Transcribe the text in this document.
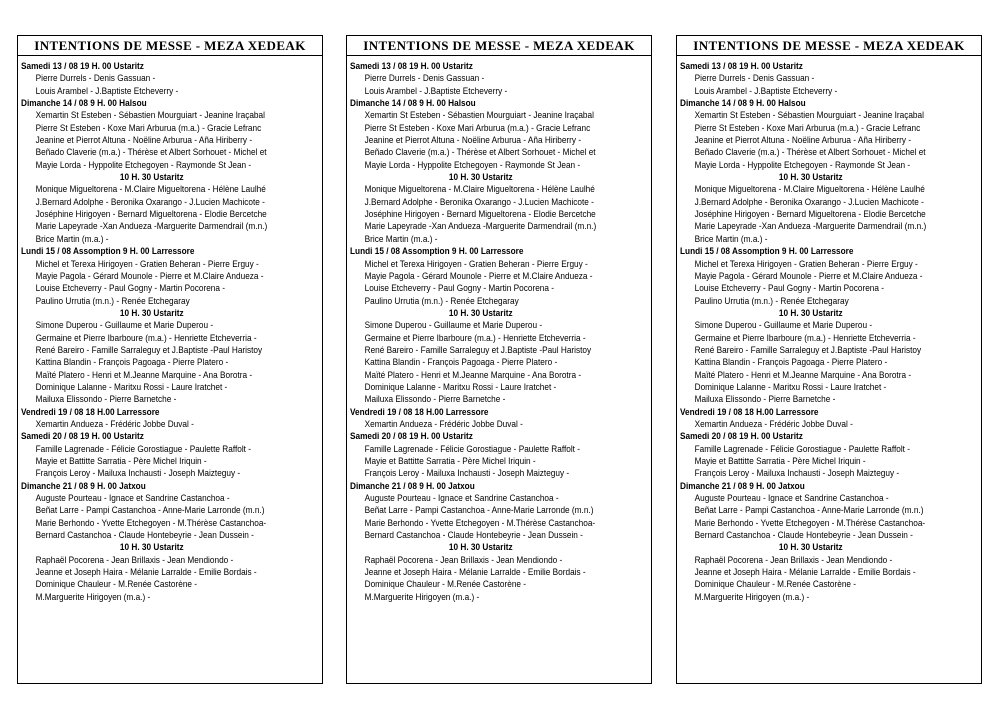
INTENTIONS DE MESSE - MEZA XEDEAK
Samedi 13 / 08 19 H. 00 Ustaritz
Pierre Durrels - Denis Gassuan -
Louis Arambel - J.Baptiste Etcheverry -
Dimanche 14 / 08 9 H. 00 Halsou
Xemartin St Esteben - Sébastien Mourguiart - Jeanine Iraçabal
Pierre St Esteben - Koxe Mari Arburua (m.a.) - Gracie Lefranc
Jeanine et Pierrot Altuna - Noëline Arburua - Aña Hiriberry -
Beñado Claverie (m.a.) - Thérèse et Albert Sorhouet - Michel et
Mayie Lorda - Hyppolite Etchegoyen - Raymonde St Jean -
10 H. 30 Ustaritz
Monique Migueltorena - M.Claire Migueltorena - Hélène Laulhé
J.Bernard Adolphe - Beronika Oxarango - J.Lucien Machicote -
Joséphine Hirigoyen - Bernard Migueltorena - Elodie Bercetche
Marie Lapeyrade -Xan Andueza -Marguerite Darmendrail (m.n.)
Brice Martin (m.a.) -
Lundi 15 / 08 Assomption 9 H. 00 Larressore
Michel et Terexa Hirigoyen - Gratien Beheran - Pierre Erguy -
Mayie Pagola - Gérard Mounole - Pierre et M.Claire Andueza -
Louise Etcheverry - Paul Gogny - Martin Pocorena -
Paulino Urrutia (m.n.) - Renée Etchegaray
10 H. 30 Ustaritz
Simone Duperou - Guillaume et Marie Duperou -
Germaine et Pierre Ibarboure (m.a.) - Henriette Etcheverria -
René Bareiro - Famille Sarraleguy et J.Baptiste -Paul Haristoy
Kattina Blandin - François Pagoaga - Pierre Platero -
Maïté Platero - Henri et M.Jeanne Marquine - Ana Borotra -
Dominique Lalanne - Maritxu Rossi - Laure Iratchet -
Mailuxa Elissondo - Pierre Barnetche -
Vendredi 19 / 08 18 H.00 Larressore
Xemartin Andueza - Frédéric Jobbe Duval -
Samedi 20 / 08 19 H. 00 Ustaritz
Famille Lagrenade - Félicie Gorostiague - Paulette Raffolt -
Mayie et Battitte Sarratia - Père Michel Iriquin -
François Leroy - Mailuxa Inchausti - Joseph Maizteguy -
Dimanche 21 / 08 9 H. 00 Jatxou
Auguste Pourteau - Ignace et Sandrine Castanchoa -
Beñat Larre - Pampi Castanchoa - Anne-Marie Larronde (m.n.)
Marie Berhondo - Yvette Etchegoyen - M.Thérèse Castanchoa-
Bernard Castanchoa - Claude Hontebeyrie - Jean Dussein -
10 H. 30 Ustaritz
Raphaël Pocorena - Jean Brillaxis - Jean Mendiondo -
Jeanne et Joseph Haira - Mélanie Larralde - Emilie Bordais -
Dominique Chauleur - M.Renée Castorène -
M.Marguerite Hirigoyen (m.a.) -
INTENTIONS DE MESSE - MEZA XEDEAK
Samedi 13 / 08 19 H. 00 Ustaritz
Pierre Durrels - Denis Gassuan -
Louis Arambel - J.Baptiste Etcheverry -
Dimanche 14 / 08 9 H. 00 Halsou
Xemartin St Esteben - Sébastien Mourguiart - Jeanine Iraçabal
Pierre St Esteben - Koxe Mari Arburua (m.a.) - Gracie Lefranc
Jeanine et Pierrot Altuna - Noëline Arburua - Aña Hiriberry -
Beñado Claverie (m.a.) - Thérèse et Albert Sorhouet - Michel et
Mayie Lorda - Hyppolite Etchegoyen - Raymonde St Jean -
10 H. 30 Ustaritz
Monique Migueltorena - M.Claire Migueltorena - Hélène Laulhé
J.Bernard Adolphe - Beronika Oxarango - J.Lucien Machicote -
Joséphine Hirigoyen - Bernard Migueltorena - Elodie Bercetche
Marie Lapeyrade -Xan Andueza -Marguerite Darmendrail (m.n.)
Brice Martin (m.a.) -
Lundi 15 / 08 Assomption 9 H. 00 Larressore
Michel et Terexa Hirigoyen - Gratien Beheran - Pierre Erguy -
Mayie Pagola - Gérard Mounole - Pierre et M.Claire Andueza -
Louise Etcheverry - Paul Gogny - Martin Pocorena -
Paulino Urrutia (m.n.) - Renée Etchegaray
10 H. 30 Ustaritz
Simone Duperou - Guillaume et Marie Duperou -
Germaine et Pierre Ibarboure (m.a.) - Henriette Etcheverria -
René Bareiro - Famille Sarraleguy et J.Baptiste -Paul Haristoy
Kattina Blandin - François Pagoaga - Pierre Platero -
Maïté Platero - Henri et M.Jeanne Marquine - Ana Borotra -
Dominique Lalanne - Maritxu Rossi - Laure Iratchet -
Mailuxa Elissondo - Pierre Barnetche -
Vendredi 19 / 08 18 H.00 Larressore
Xemartin Andueza - Frédéric Jobbe Duval -
Samedi 20 / 08 19 H. 00 Ustaritz
Famille Lagrenade - Félicie Gorostiague - Paulette Raffolt -
Mayie et Battitte Sarratia - Père Michel Iriquin -
François Leroy - Mailuxa Inchausti - Joseph Maizteguy -
Dimanche 21 / 08 9 H. 00 Jatxou
Auguste Pourteau - Ignace et Sandrine Castanchoa -
Beñat Larre - Pampi Castanchoa - Anne-Marie Larronde (m.n.)
Marie Berhondo - Yvette Etchegoyen - M.Thérèse Castanchoa-
Bernard Castanchoa - Claude Hontebeyrie - Jean Dussein -
10 H. 30 Ustaritz
Raphaël Pocorena - Jean Brillaxis - Jean Mendiondo -
Jeanne et Joseph Haira - Mélanie Larralde - Emilie Bordais -
Dominique Chauleur - M.Renée Castorène -
M.Marguerite Hirigoyen (m.a.) -
INTENTIONS DE MESSE - MEZA XEDEAK
Samedi 13 / 08 19 H. 00 Ustaritz
Pierre Durrels - Denis Gassuan -
Louis Arambel - J.Baptiste Etcheverry -
Dimanche 14 / 08 9 H. 00 Halsou
Xemartin St Esteben - Sébastien Mourguiart - Jeanine Iraçabal
Pierre St Esteben - Koxe Mari Arburua (m.a.) - Gracie Lefranc
Jeanine et Pierrot Altuna - Noëline Arburua - Aña Hiriberry -
Beñado Claverie (m.a.) - Thérèse et Albert Sorhouet - Michel et
Mayie Lorda - Hyppolite Etchegoyen - Raymonde St Jean -
10 H. 30 Ustaritz
Monique Migueltorena - M.Claire Migueltorena - Hélène Laulhé
J.Bernard Adolphe - Beronika Oxarango - J.Lucien Machicote -
Joséphine Hirigoyen - Bernard Migueltorena - Elodie Bercetche
Marie Lapeyrade -Xan Andueza -Marguerite Darmendrail (m.n.)
Brice Martin (m.a.) -
Lundi 15 / 08 Assomption 9 H. 00 Larressore
Michel et Terexa Hirigoyen - Gratien Beheran - Pierre Erguy -
Mayie Pagola - Gérard Mounole - Pierre et M.Claire Andueza -
Louise Etcheverry - Paul Gogny - Martin Pocorena -
Paulino Urrutia (m.n.) - Renée Etchegaray
10 H. 30 Ustaritz
Simone Duperou - Guillaume et Marie Duperou -
Germaine et Pierre Ibarboure (m.a.) - Henriette Etcheverria -
René Bareiro - Famille Sarraleguy et J.Baptiste -Paul Haristoy
Kattina Blandin - François Pagoaga - Pierre Platero -
Maïté Platero - Henri et M.Jeanne Marquine - Ana Borotra -
Dominique Lalanne - Maritxu Rossi - Laure Iratchet -
Mailuxa Elissondo - Pierre Barnetche -
Vendredi 19 / 08 18 H.00 Larressore
Xemartin Andueza - Frédéric Jobbe Duval -
Samedi 20 / 08 19 H. 00 Ustaritz
Famille Lagrenade - Félicie Gorostiague - Paulette Raffolt -
Mayie et Battitte Sarratia - Père Michel Iriquin -
François Leroy - Mailuxa Inchausti - Joseph Maizteguy -
Dimanche 21 / 08 9 H. 00 Jatxou
Auguste Pourteau - Ignace et Sandrine Castanchoa -
Beñat Larre - Pampi Castanchoa - Anne-Marie Larronde (m.n.)
Marie Berhondo - Yvette Etchegoyen - M.Thérèse Castanchoa-
Bernard Castanchoa - Claude Hontebeyrie - Jean Dussein -
10 H. 30 Ustaritz
Raphaël Pocorena - Jean Brillaxis - Jean Mendiondo -
Jeanne et Joseph Haira - Mélanie Larralde - Emilie Bordais -
Dominique Chauleur - M.Renée Castorène -
M.Marguerite Hirigoyen (m.a.) -
